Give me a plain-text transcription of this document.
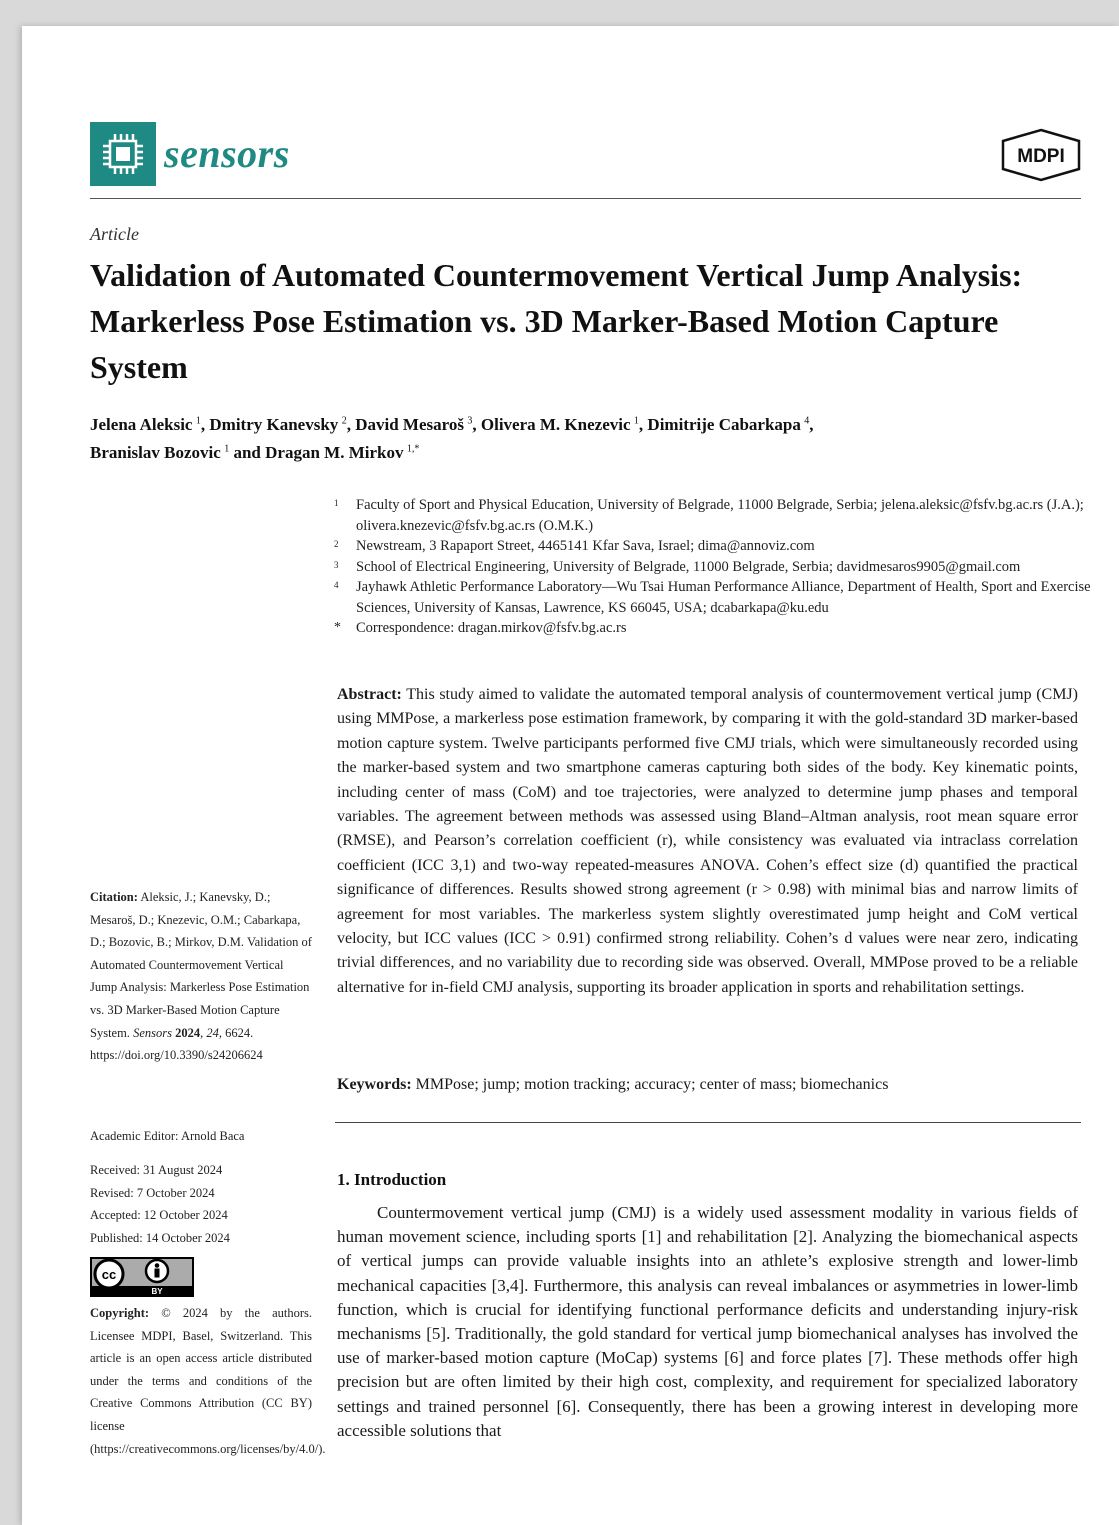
sensors	MDPI
Article
Validation of Automated Countermovement Vertical Jump Analysis: Markerless Pose Estimation vs. 3D Marker-Based Motion Capture System
Jelena Aleksic  $^1$, Dmitry Kanevsky  $^2$, David Mesaroš  $^3$, Olivera M. Knezevic  $^1$, Dimitrije Cabarkapa  $^4$,
Branislav Bozovic  $^1$ and Dragan M. Mirkov  $^{1,*}$
1 Faculty of Sport and Physical Education, University of Belgrade, 11000 Belgrade, Serbia; jelena.aleksic@fsfv.bg.ac.rs (J.A.); olivera.knezevic@fsfv.bg.ac.rs (O.M.K.)
2 Newstream, 3 Rapaport Street, 4465141 Kfar Sava, Israel; dima@annoviz.com
3 School of Electrical Engineering, University of Belgrade, 11000 Belgrade, Serbia; davidmesaros9905@gmail.com
4 Jayhawk Athletic Performance Laboratory—Wu Tsai Human Performance Alliance, Department of Health, Sport and Exercise Sciences, University of Kansas, Lawrence, KS 66045, USA; dcabarkapa@ku.edu
* Correspondence: dragan.mirkov@fsfv.bg.ac.rs
Abstract: This study aimed to validate the automated temporal analysis of countermovement vertical jump (CMJ) using MMPose, a markerless pose estimation framework, by comparing it with the gold-standard 3D marker-based motion capture system. Twelve participants performed five CMJ trials, which were simultaneously recorded using the marker-based system and two smartphone cameras capturing both sides of the body. Key kinematic points, including center of mass (CoM) and toe trajectories, were analyzed to determine jump phases and temporal variables. The agreement between methods was assessed using Bland–Altman analysis, root mean square error (RMSE), and Pearson’s correlation coefficient (r), while consistency was evaluated via intraclass correlation coefficient (ICC 3,1) and two-way repeated-measures ANOVA. Cohen’s effect size (d) quantified the practical significance of differences. Results showed strong agreement (r > 0.98) with minimal bias and narrow limits of agreement for most variables. The markerless system slightly overestimated jump height and CoM vertical velocity, but ICC values (ICC > 0.91) confirmed strong reliability. Cohen’s d values were near zero, indicating trivial differences, and no variability due to recording side was observed. Overall, MMPose proved to be a reliable alternative for in-field CMJ analysis, supporting its broader application in sports and rehabilitation settings.
Keywords: MMPose; jump; motion tracking; accuracy; center of mass; biomechanics
Citation: Aleksic, J.; Kanevsky, D.; Mesaroš, D.; Knezevic, O.M.; Cabarkapa, D.; Bozovic, B.; Mirkov, D.M. Validation of Automated Countermovement Vertical Jump Analysis: Markerless Pose Estimation vs. 3D Marker-Based Motion Capture System. Sensors 2024, 24, 6624. https://doi.org/10.3390/s24206624
Academic Editor: Arnold Baca
Received: 31 August 2024
Revised: 7 October 2024
Accepted: 12 October 2024
Published: 14 October 2024
cc
BY
Copyright: © 2024 by the authors. Licensee MDPI, Basel, Switzerland. This article is an open access article distributed under the terms and conditions of the Creative Commons Attribution (CC BY) license (https://creativecommons.org/licenses/by/4.0/).
1. Introduction
Countermovement vertical jump (CMJ) is a widely used assessment modality in various fields of human movement science, including sports [1] and rehabilitation [2]. Analyzing the biomechanical aspects of vertical jumps can provide valuable insights into an athlete’s explosive strength and lower-limb mechanical capacities [3,4]. Furthermore, this analysis can reveal imbalances or asymmetries in lower-limb function, which is crucial for identifying functional performance deficits and understanding injury-risk mechanisms [5]. Traditionally, the gold standard for vertical jump biomechanical analyses has involved the use of marker-based motion capture (MoCap) systems [6] and force plates [7]. These methods offer high precision but are often limited by their high cost, complexity, and requirement for specialized laboratory settings and trained personnel [6]. Consequently, there has been a growing interest in developing more accessible solutions that
